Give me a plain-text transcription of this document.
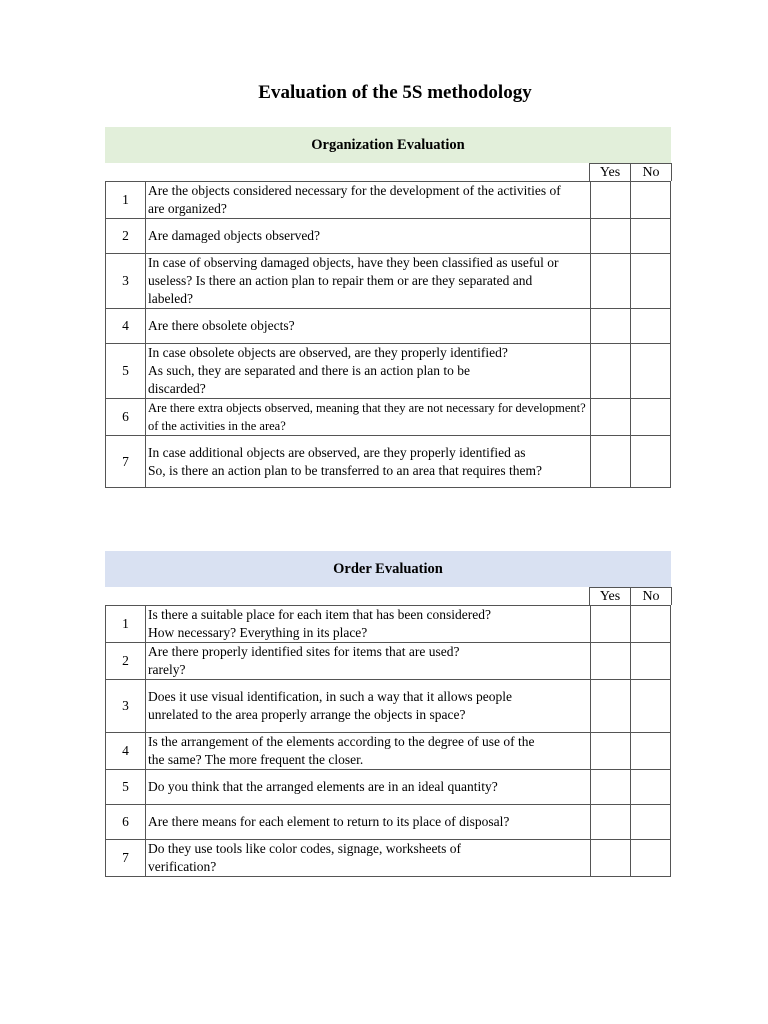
Evaluation of the 5S methodology
Organization Evaluation
Yes	No
1	Are the objects considered necessary for the development of the activities of
are organized?		
2	Are damaged objects observed?		
3	In case of observing damaged objects, have they been classified as useful or
useless? Is there an action plan to repair them or are they separated and
labeled?		
4	Are there obsolete objects?		
5	In case obsolete objects are observed, are they properly identified?
As such, they are separated and there is an action plan to be
discarded?		
6	Are there extra objects observed, meaning that they are not necessary for development?
of the activities in the area?		
7	In case additional objects are observed, are they properly identified as
So, is there an action plan to be transferred to an area that requires them?		
Order Evaluation
Yes	No
1	Is there a suitable place for each item that has been considered?
How necessary? Everything in its place?		
2	Are there properly identified sites for items that are used?
rarely?		
3	Does it use visual identification, in such a way that it allows people
unrelated to the area properly arrange the objects in space?		
4	Is the arrangement of the elements according to the degree of use of the
the same? The more frequent the closer.		
5	Do you think that the arranged elements are in an ideal quantity?		
6	Are there means for each element to return to its place of disposal?		
7	Do they use tools like color codes, signage, worksheets of
verification?		
